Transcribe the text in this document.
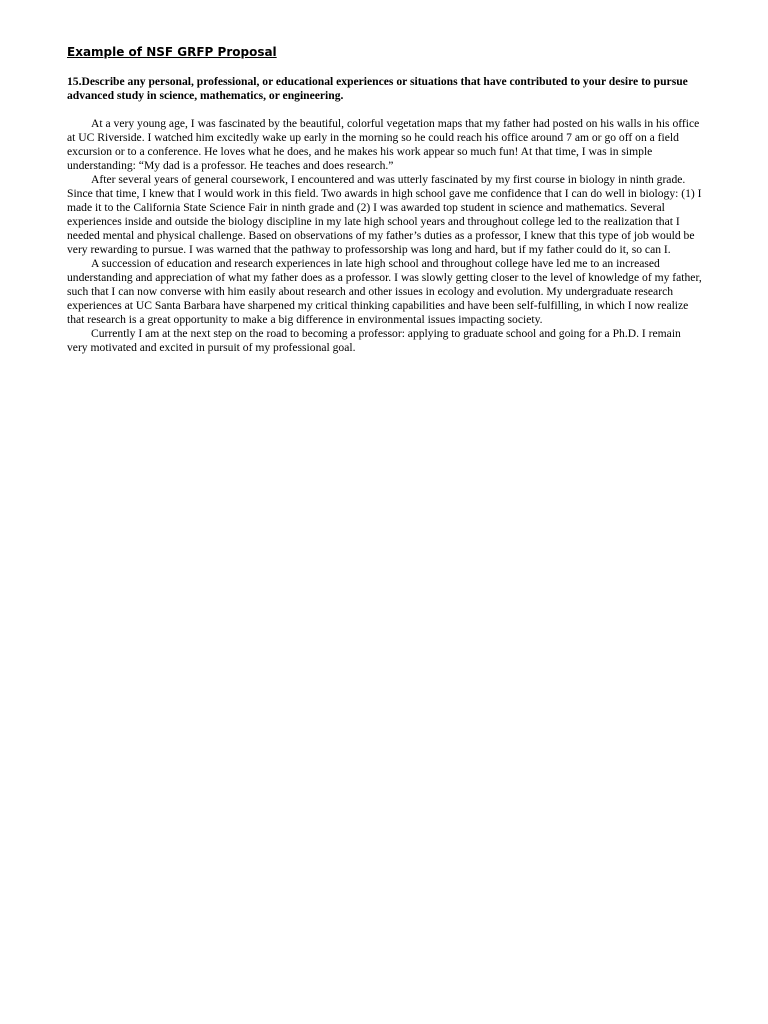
Example of NSF GRFP Proposal

15.Describe any personal, professional, or educational experiences or situations that have contributed to your desire to pursue advanced study in science, mathematics, or engineering.

At a very young age, I was fascinated by the beautiful, colorful vegetation maps that my father had posted on his walls in his office at UC Riverside. I watched him excitedly wake up early in the morning so he could reach his office around 7 am or go off on a field excursion or to a conference. He loves what he does, and he makes his work appear so much fun! At that time, I was in simple understanding: “My dad is a professor. He teaches and does research.”

After several years of general coursework, I encountered and was utterly fascinated by my first course in biology in ninth grade. Since that time, I knew that I would work in this field. Two awards in high school gave me confidence that I can do well in biology: (1) I made it to the California State Science Fair in ninth grade and (2) I was awarded top student in science and mathematics. Several experiences inside and outside the biology discipline in my late high school years and throughout college led to the realization that I needed mental and physical challenge. Based on observations of my father’s duties as a professor, I knew that this type of job would be very rewarding to pursue. I was warned that the pathway to professorship was long and hard, but if my father could do it, so can I.

A succession of education and research experiences in late high school and throughout college have led me to an increased understanding and appreciation of what my father does as a professor. I was slowly getting closer to the level of knowledge of my father, such that I can now converse with him easily about research and other issues in ecology and evolution. My undergraduate research experiences at UC Santa Barbara have sharpened my critical thinking capabilities and have been self-fulfilling, in which I now realize that research is a great opportunity to make a big difference in environmental issues impacting society.

Currently I am at the next step on the road to becoming a professor: applying to graduate school and going for a Ph.D. I remain very motivated and excited in pursuit of my professional goal.
